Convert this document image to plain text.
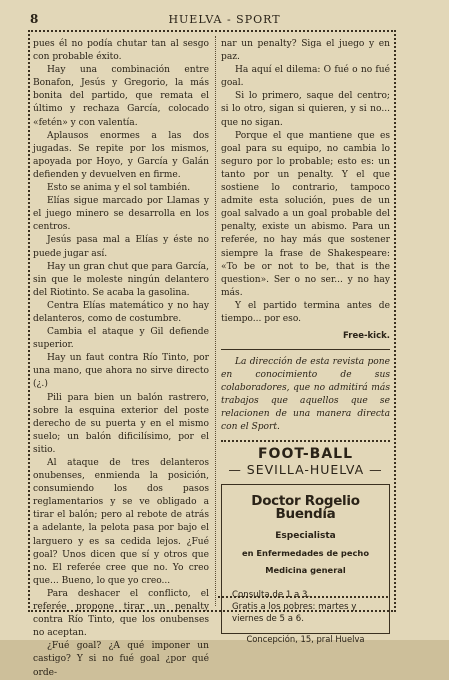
8	HUELVA - SPORT

pues él no podía chutar tan al sesgo con probable éxito.

Hay una combinación entre Bonafon, Jesús y Gregorio, la más bonita del partido, que remata el último y rechaza García, colocado «fetén» y con valentía.

Aplausos enormes a las dos jugadas. Se repite por los mismos, apoyada por Hoyo, y García y Galán defienden y devuelven en firme.

Esto se anima y el sol también.

Elías sigue marcado por Llamas y el juego minero se desarrolla en los centros.

Jesús pasa mal a Elías y éste no puede jugar así.

Hay un gran chut que para García, sin que le moleste ningún delantero del Riotinto. Se acaba la gasolina.

Centra Elías matemático y no hay delanteros, como de costumbre.

Cambia el ataque y Gil defiende superior.

Hay un faut contra Río Tinto, por una mano, que ahora no sirve directo (¿.)

Pili para bien un balón rastrero, sobre la esquina exterior del poste derecho de su puerta y en el mismo suelo; un balón dificilísimo, por el sitio.

Al ataque de tres delanteros onubenses, enmienda la posición, consumiendo los dos pasos reglamentarios y se ve obligado a tirar el balón; pero al rebote de atrás a adelante, la pelota pasa por bajo el larguero y es sa cedida lejos. ¿Fué goal? Unos dicen que sí y otros que no. El referée cree que no. Yo creo que... Bueno, lo que yo creo...

Para deshacer el conflicto, el referée propone tirar un penalty contra Río Tinto, que los onubenses no aceptan.

¿Fué goal? ¿A qué imponer un castigo? Y si no fué goal ¿por qué orde-

nar un penalty? Siga el juego y en paz.

Ha aquí el dilema: O fué o no fué goal.

Si lo primero, saque del centro; si lo otro, sigan si quieren, y si no... que no sigan.

Porque el que mantiene que es goal para su equipo, no cambia lo seguro por lo probable; esto es: un tanto por un penalty. Y el que sostiene lo contrario, tampoco admite esta solución, pues de un goal salvado a un goal probable del penalty, existe un abismo. Para un referée, no hay más que sostener siempre la frase de Shakespeare: «To be or not to be, that is the question». Ser o no ser... y no hay más.

Y el partido termina antes de tiempo... por eso.

Free-kick.

La dirección de esta revista pone en conocimiento de sus colaboradores, que no admitirá más trabajos que aquellos que se relacionen de una manera directa con el Sport.

FOOT-BALL
— SEVILLA-HUELVA —
Doctor Rogelio Buendía
Especialista
en Enfermedades de pecho
Medicina general
Consulta de 1 a 3.
Gratis a los pobres: martes y viernes de 5 a 6.
Concepción, 15, pral Huelva
